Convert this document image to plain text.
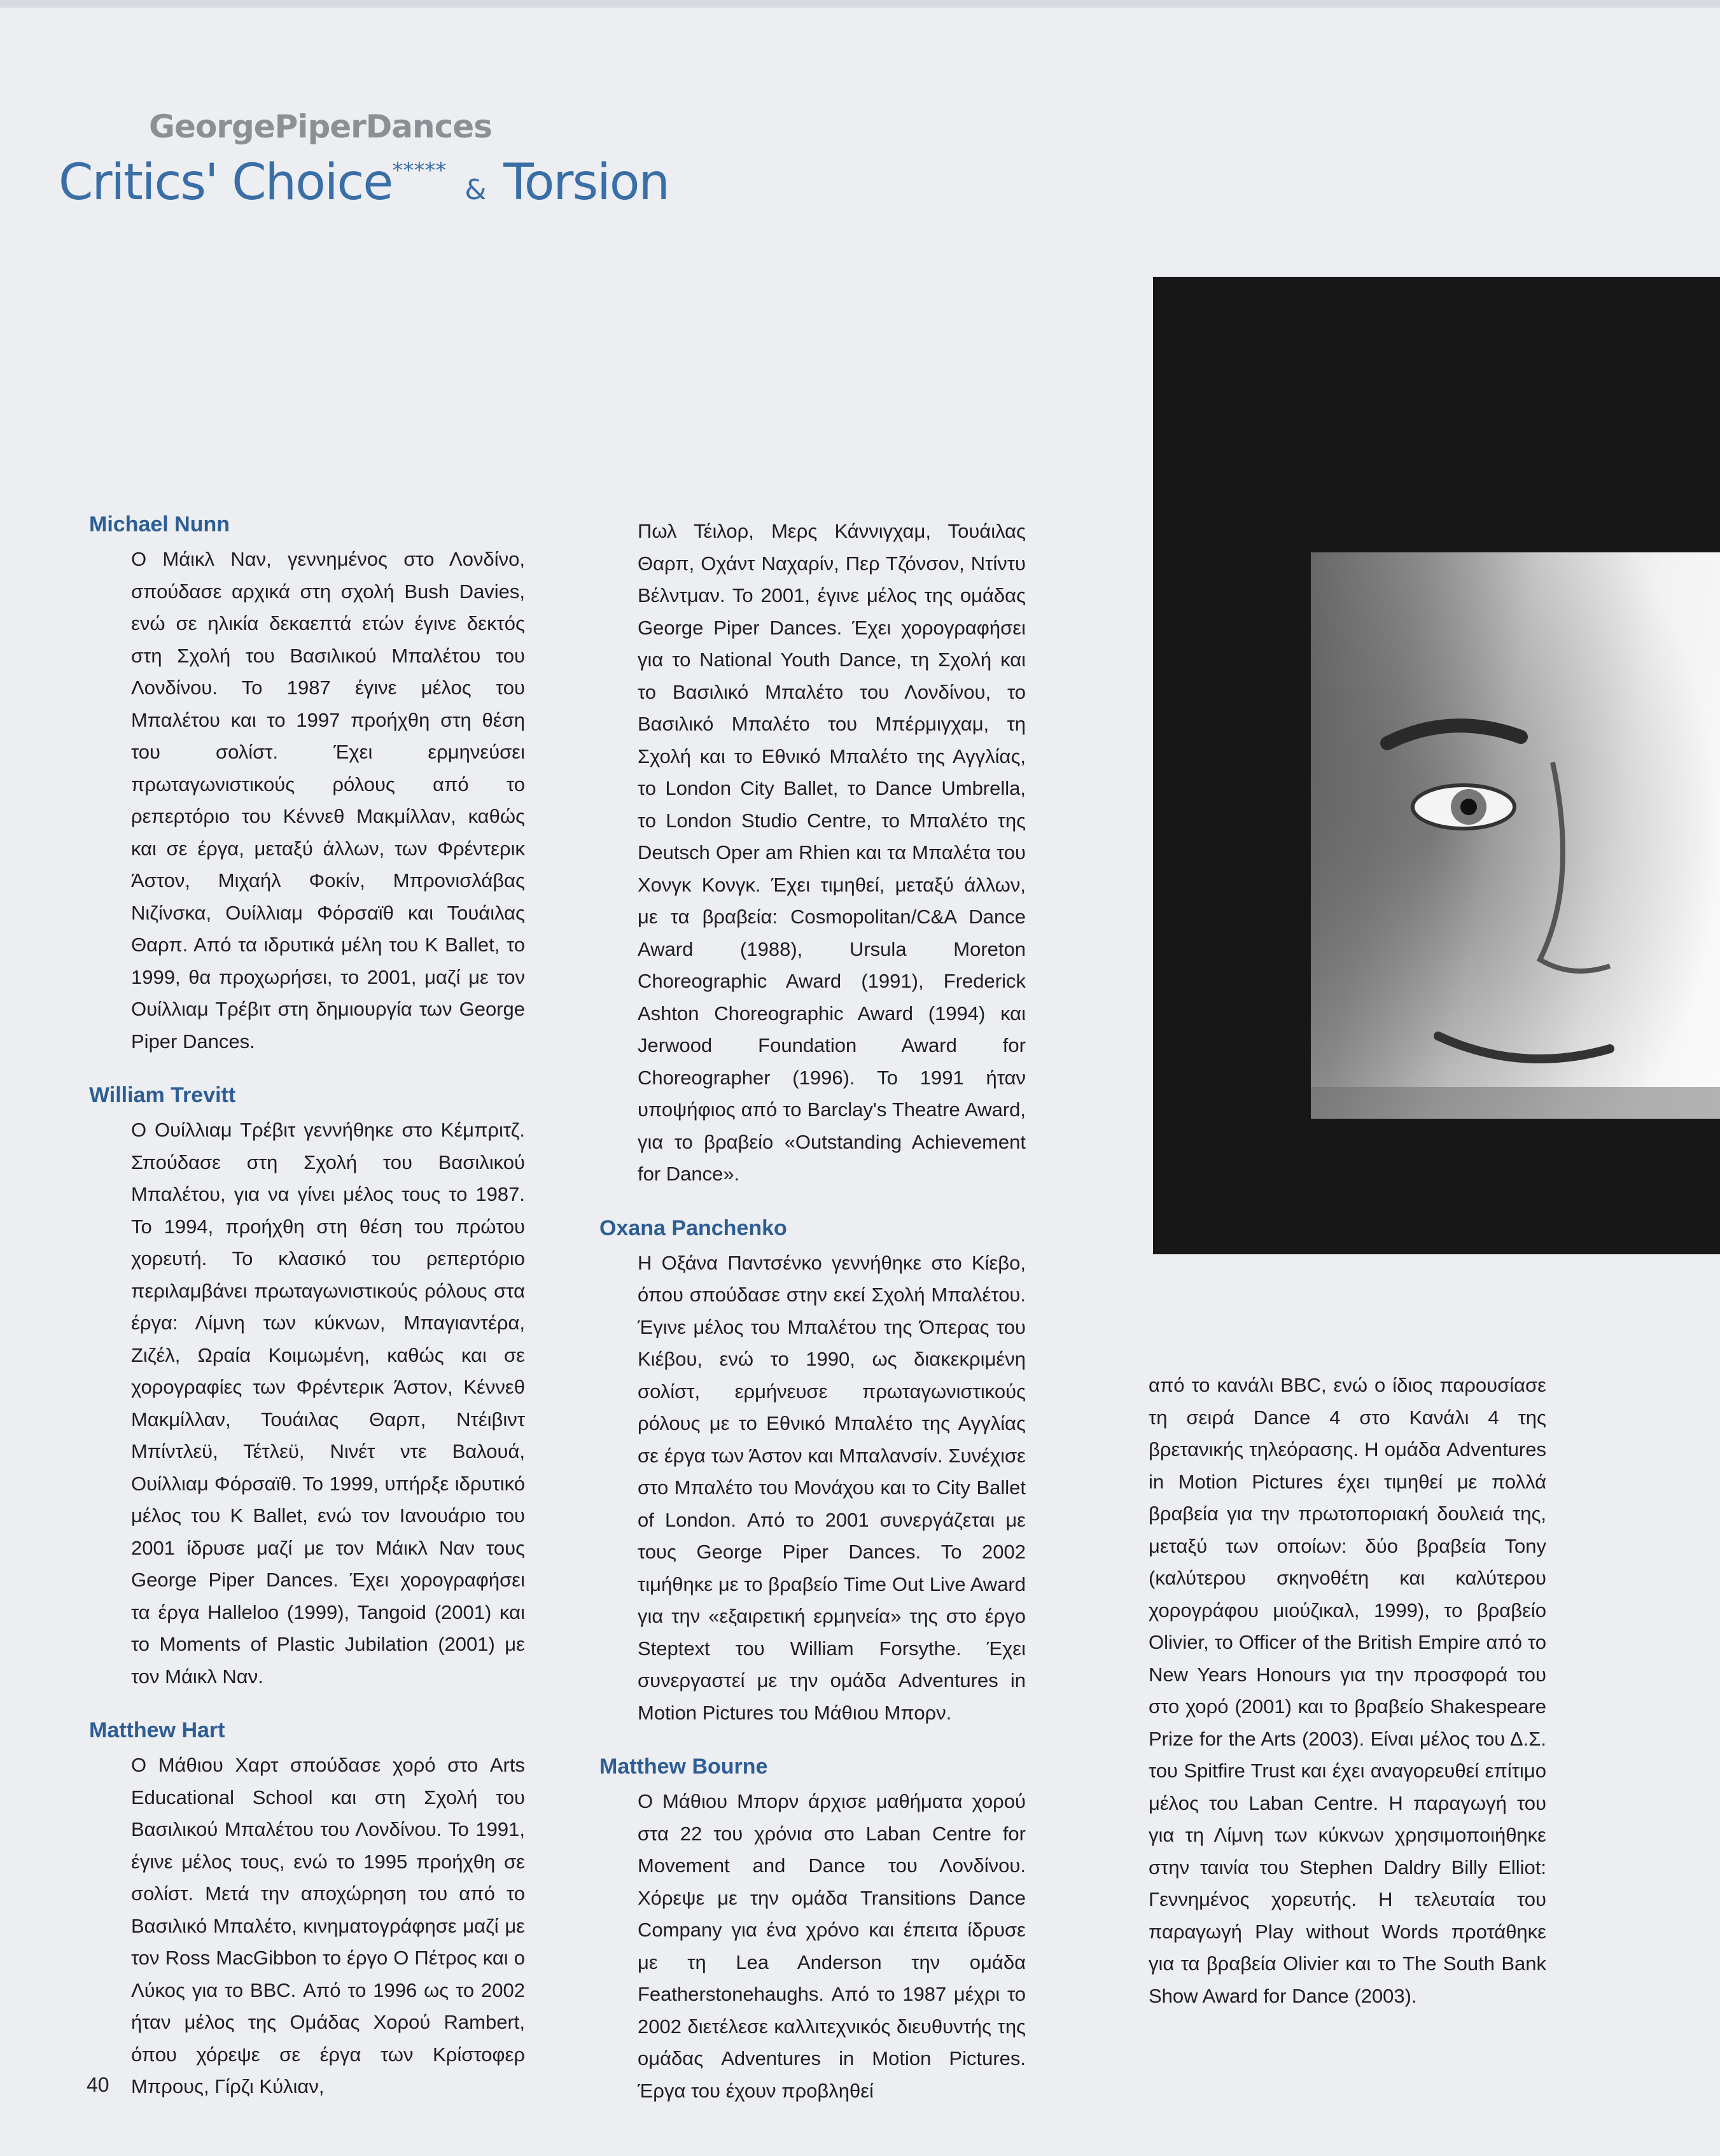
GeorgePiperDances
Critics' Choice***** & Torsion
Michael Nunn
Ο Μάικλ Ναν, γεννημένος στο Λονδίνο, σπούδασε αρχικά στη σχολή Bush Davies, ενώ σε ηλικία δεκαεπτά ετών έγινε δεκτός στη Σχολή του Βασιλικού Μπαλέτου του Λονδίνου. Το 1987 έγινε μέλος του Μπαλέτου και το 1997 προήχθη στη θέση του σολίστ. Έχει ερμηνεύσει πρωταγωνιστικούς ρόλους από το ρεπερτόριο του Κέννεθ Μακμίλλαν, καθώς και σε έργα, μεταξύ άλλων, των Φρέντερικ Άστον, Μιχαήλ Φοκίν, Μπρονισλάβας Νιζίνσκα, Ουίλλιαμ Φόρσαϊθ και Τουάιλας Θαρπ. Από τα ιδρυτικά μέλη του K Ballet, το 1999, θα προχωρήσει, το 2001, μαζί με τον Ουίλλιαμ Τρέβιτ στη δημιουργία των George Piper Dances.
William Trevitt
Ο Ουίλλιαμ Τρέβιτ γεννήθηκε στο Κέμπριτζ. Σπούδασε στη Σχολή του Βασιλικού Μπαλέτου, για να γίνει μέλος τους το 1987. Το 1994, προήχθη στη θέση του πρώτου χορευτή. Το κλασικό του ρεπερτόριο περιλαμβάνει πρωταγωνιστικούς ρόλους στα έργα: Λίμνη των κύκνων, Μπαγιαντέρα, Ζιζέλ, Ωραία Κοιμωμένη, καθώς και σε χορογραφίες των Φρέντερικ Άστον, Κέννεθ Μακμίλλαν, Τουάιλας Θαρπ, Ντέιβιντ Μπίντλεϋ, Τέτλεϋ, Νινέτ ντε Βαλουά, Ουίλλιαμ Φόρσαϊθ. Το 1999, υπήρξε ιδρυτικό μέλος του K Ballet, ενώ τον Ιανουάριο του 2001 ίδρυσε μαζί με τον Μάικλ Ναν τους George Piper Dances. Έχει χορογραφήσει τα έργα Halleloo (1999), Tangoid (2001) και το Moments of Plastic Jubilation (2001) με τον Μάικλ Ναν.
Matthew Hart
Ο Μάθιου Χαρτ σπούδασε χορό στο Arts Educational School και στη Σχολή του Βασιλικού Μπαλέτου του Λονδίνου. Το 1991, έγινε μέλος τους, ενώ το 1995 προήχθη σε σολίστ. Μετά την αποχώρηση του από το Βασιλικό Μπαλέτο, κινηματογράφησε μαζί με τον Ross MacGibbon το έργο Ο Πέτρος και ο Λύκος για το BBC. Από το 1996 ως το 2002 ήταν μέλος της Ομάδας Χορού Rambert, όπου χόρεψε σε έργα των Κρίστοφερ Μπρους, Γίρζι Κύλιαν,
Πωλ Τέιλορ, Μερς Κάννιγχαμ, Τουάιλας Θαρπ, Οχάντ Ναχαρίν, Περ Τζόνσον, Ντίντυ Βέλντμαν. Το 2001, έγινε μέλος της ομάδας George Piper Dances. Έχει χορογραφήσει για το National Youth Dance, τη Σχολή και το Βασιλικό Μπαλέτο του Λονδίνου, το Βασιλικό Μπαλέτο του Μπέρμιγχαμ, τη Σχολή και το Εθνικό Μπαλέτο της Αγγλίας, το London City Ballet, το Dance Umbrella, το London Studio Centre, το Μπαλέτο της Deutsch Oper am Rhien και τα Μπαλέτα του Χονγκ Κονγκ. Έχει τιμηθεί, μεταξύ άλλων, με τα βραβεία: Cosmopolitan/C&A Dance Award (1988), Ursula Moreton Choreographic Award (1991), Frederick Ashton Choreographic Award (1994) και Jerwood Foundation Award for Choreographer (1996). Το 1991 ήταν υποψήφιος από το Barclay's Theatre Award, για το βραβείο «Outstanding Achievement for Dance».
Oxana Panchenko
Η Οξάνα Παντσένκο γεννήθηκε στο Κίεβο, όπου σπούδασε στην εκεί Σχολή Μπαλέτου. Έγινε μέλος του Μπαλέτου της Όπερας του Κιέβου, ενώ το 1990, ως διακεκριμένη σολίστ, ερμήνευσε πρωταγωνιστικούς ρόλους με το Εθνικό Μπαλέτο της Αγγλίας σε έργα των Άστον και Μπαλανσίν. Συνέχισε στο Μπαλέτο του Μονάχου και το City Ballet of London. Από το 2001 συνεργάζεται με τους George Piper Dances. Το 2002 τιμήθηκε με το βραβείο Time Out Live Award για την «εξαιρετική ερμηνεία» της στο έργο Steptext του William Forsythe. Έχει συνεργαστεί με την ομάδα Adventures in Motion Pictures του Μάθιου Μπορν.
Matthew Bourne
Ο Μάθιου Μπορν άρχισε μαθήματα χορού στα 22 του χρόνια στο Laban Centre for Movement and Dance του Λονδίνου. Χόρεψε με την ομάδα Transitions Dance Company για ένα χρόνο και έπειτα ίδρυσε με τη Lea Anderson την ομάδα Featherstonehaughs. Από το 1987 μέχρι το 2002 διετέλεσε καλλιτεχνικός διευθυντής της ομάδας Adventures in Motion Pictures. Έργα του έχουν προβληθεί
από το κανάλι BBC, ενώ ο ίδιος παρουσίασε τη σειρά Dance 4 στο Κανάλι 4 της βρετανικής τηλεόρασης. Η ομάδα Adventures in Motion Pictures έχει τιμηθεί με πολλά βραβεία για την πρωτοποριακή δουλειά της, μεταξύ των οποίων: δύο βραβεία Tony (καλύτερου σκηνοθέτη και καλύτερου χορογράφου μιούζικαλ, 1999), το βραβείο Olivier, το Officer of the British Empire από το New Years Honours για την προσφορά του στο χορό (2001) και το βραβείο Shakespeare Prize for the Arts (2003). Είναι μέλος του Δ.Σ. του Spitfire Trust και έχει αναγορευθεί επίτιμο μέλος του Laban Centre. Η παραγωγή του για τη Λίμνη των κύκνων χρησιμοποιήθηκε στην ταινία του Stephen Daldry Billy Elliot: Γεννημένος χορευτής. Η τελευταία του παραγωγή Play without Words προτάθηκε για τα βραβεία Olivier και το The South Bank Show Award for Dance (2003).
40
